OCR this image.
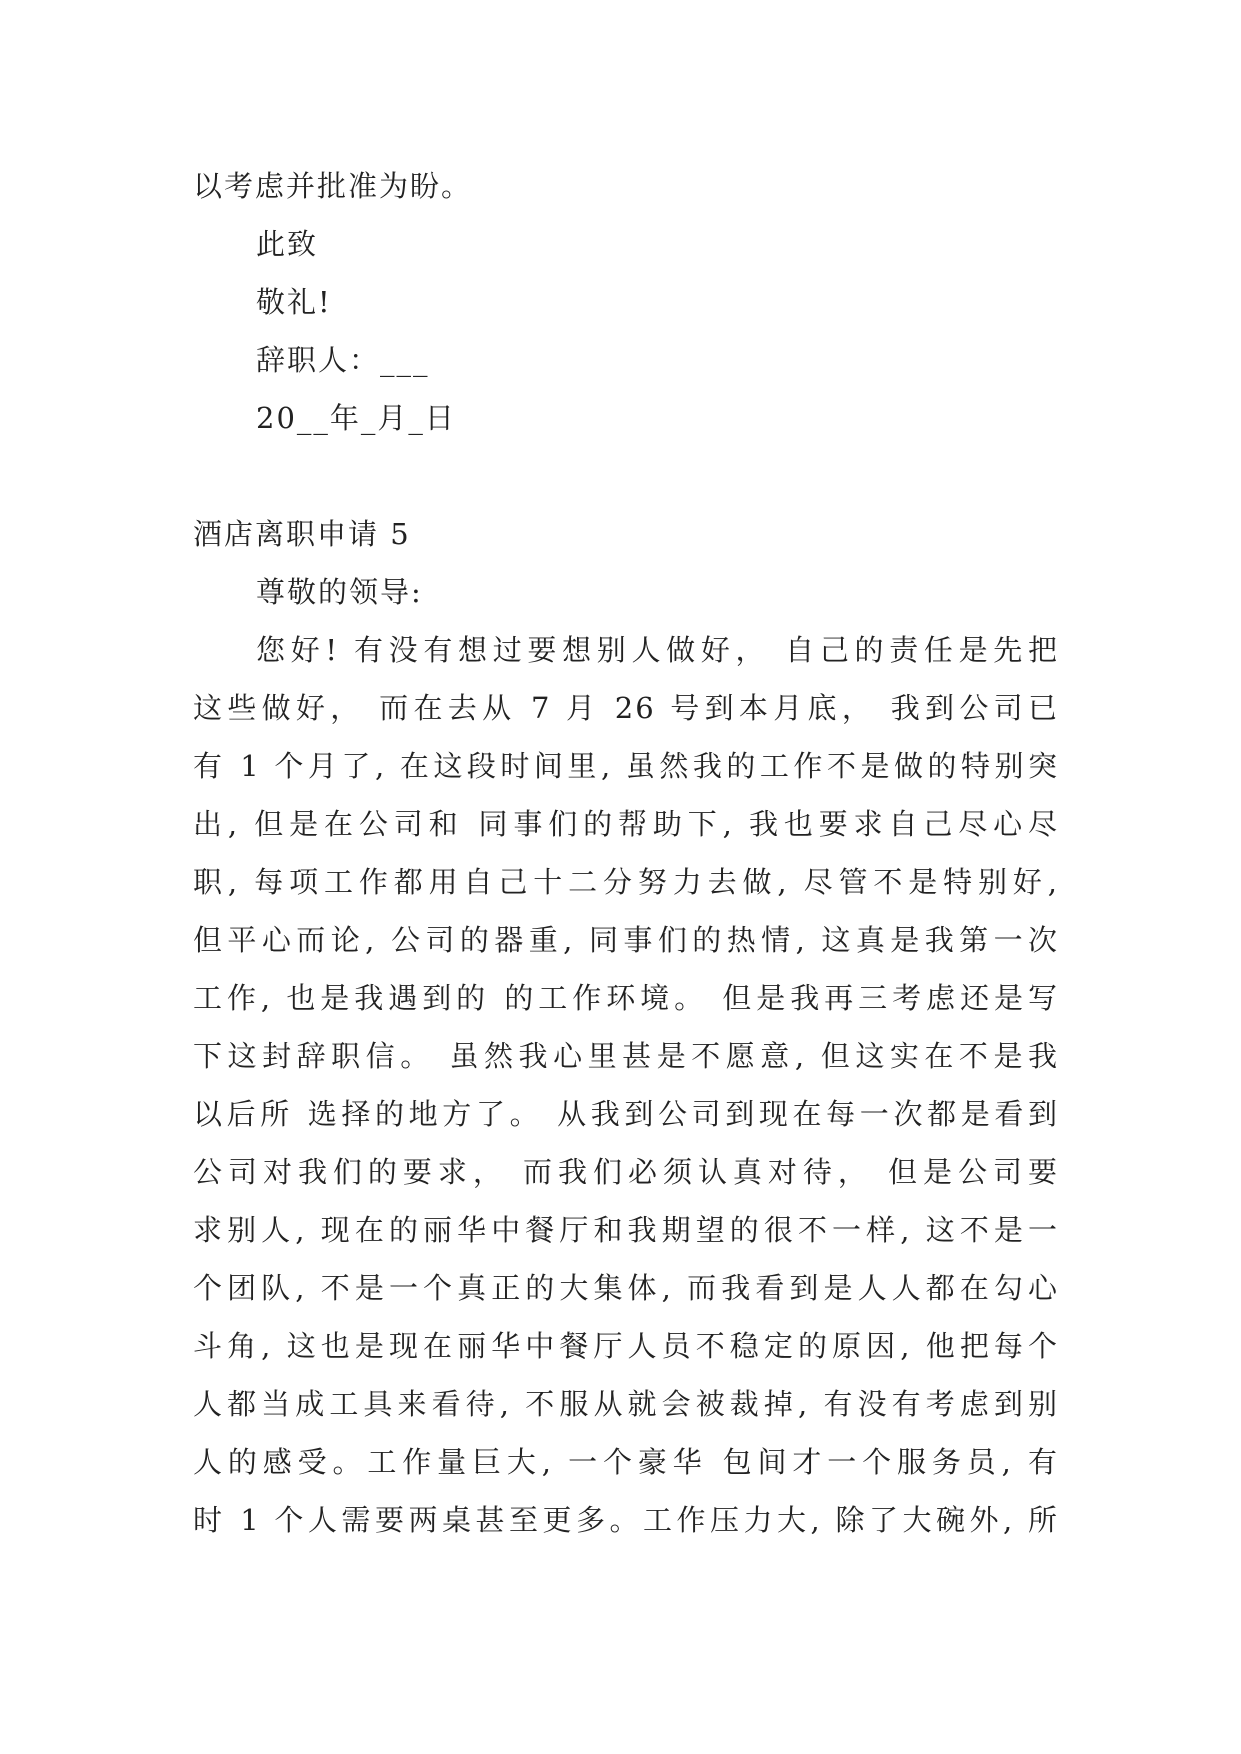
以考虑并批准为盼。
此致
敬礼!
辞职人：___
20__年_月_日
酒店离职申请 5
尊敬的领导:
您好! 有没有想过要想别人做好， 自己的责任是先把
这些做好， 而在去从 7 月 26 号到本月底， 我到公司已
有 1 个月了, 在这段时间里, 虽然我的工作不是做的特别突
出, 但是在公司和 同事们的帮助下, 我也要求自己尽心尽
职, 每项工作都用自己十二分努力去做, 尽管不是特别好,
但平心而论, 公司的器重, 同事们的热情, 这真是我第一次
工作, 也是我遇到的 的工作环境。 但是我再三考虑还是写
下这封辞职信。 虽然我心里甚是不愿意, 但这实在不是我
以后所 选择的地方了。 从我到公司到现在每一次都是看到
公司对我们的要求， 而我们必须认真对待， 但是公司要
求别人, 现在的丽华中餐厅和我期望的很不一样, 这不是一
个团队, 不是一个真正的大集体, 而我看到是人人都在勾心
斗角, 这也是现在丽华中餐厅人员不稳定的原因, 他把每个
人都当成工具来看待, 不服从就会被裁掉, 有没有考虑到别
人的感受。工作量巨大, 一个豪华 包间才一个服务员, 有
时 1 个人需要两桌甚至更多。工作压力大, 除了大碗外, 所
